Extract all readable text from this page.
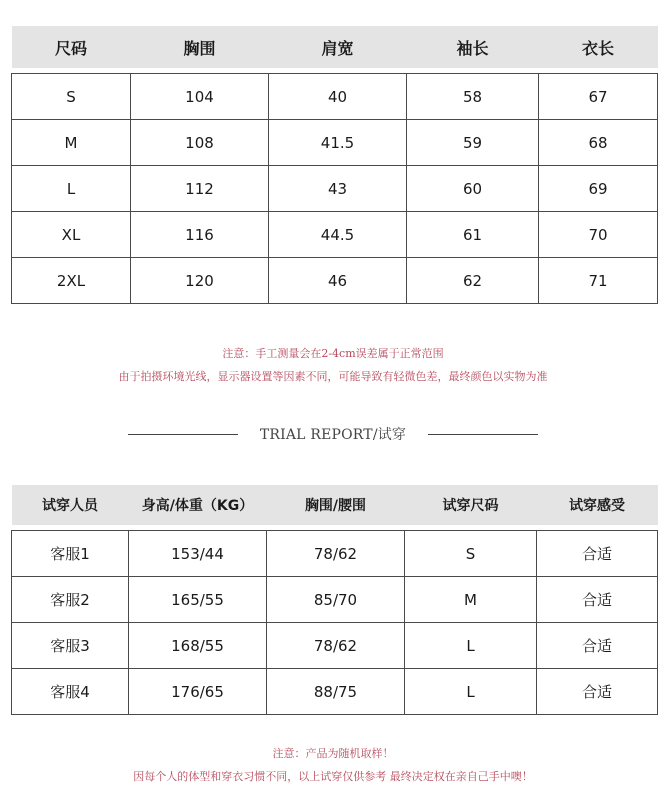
尺码	胸围	肩宽	袖长	衣长

S	104	40	58	67
M	108	41.5	59	68
L	112	43	60	69
XL	116	44.5	61	70
2XL	120	46	62	71
注意：手工测量会在2-4cm误差属于正常范围
由于拍摄环境光线，显示器设置等因素不同，可能导致有轻微色差，最终颜色以实物为准
TRIAL REPORT/试穿
试穿人员	身高/体重（KG）	胸围/腰围	试穿尺码	试穿感受

客服1	153/44	78/62	S	合适
客服2	165/55	85/70	M	合适
客服3	168/55	78/62	L	合适
客服4	176/65	88/75	L	合适
注意：产品为随机取样！
因每个人的体型和穿衣习惯不同，以上试穿仅供参考 最终决定权在亲自己手中噢！
